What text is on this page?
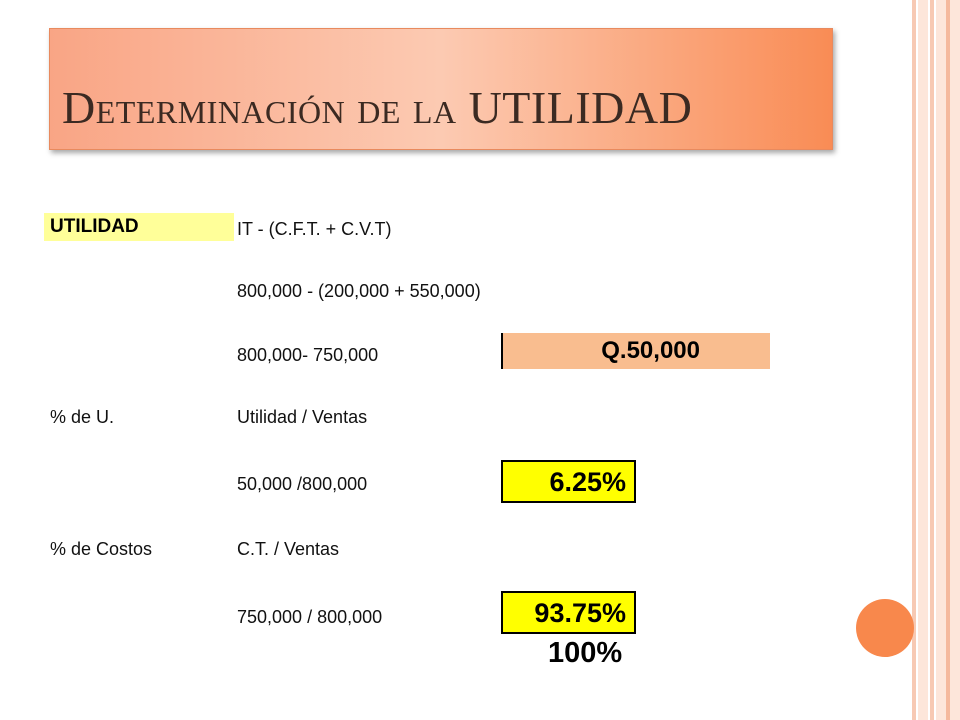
Determinación de la UTILIDAD
UTILIDAD	IT - (C.F.T. + C.V.T)
800,000 - (200,000 + 550,000)
800,000- 750,000	Q.50,000
% de U.	Utilidad / Ventas
50,000 /800,000	6.25%
% de Costos	C.T. / Ventas
750,000 / 800,000	93.75%
100%
